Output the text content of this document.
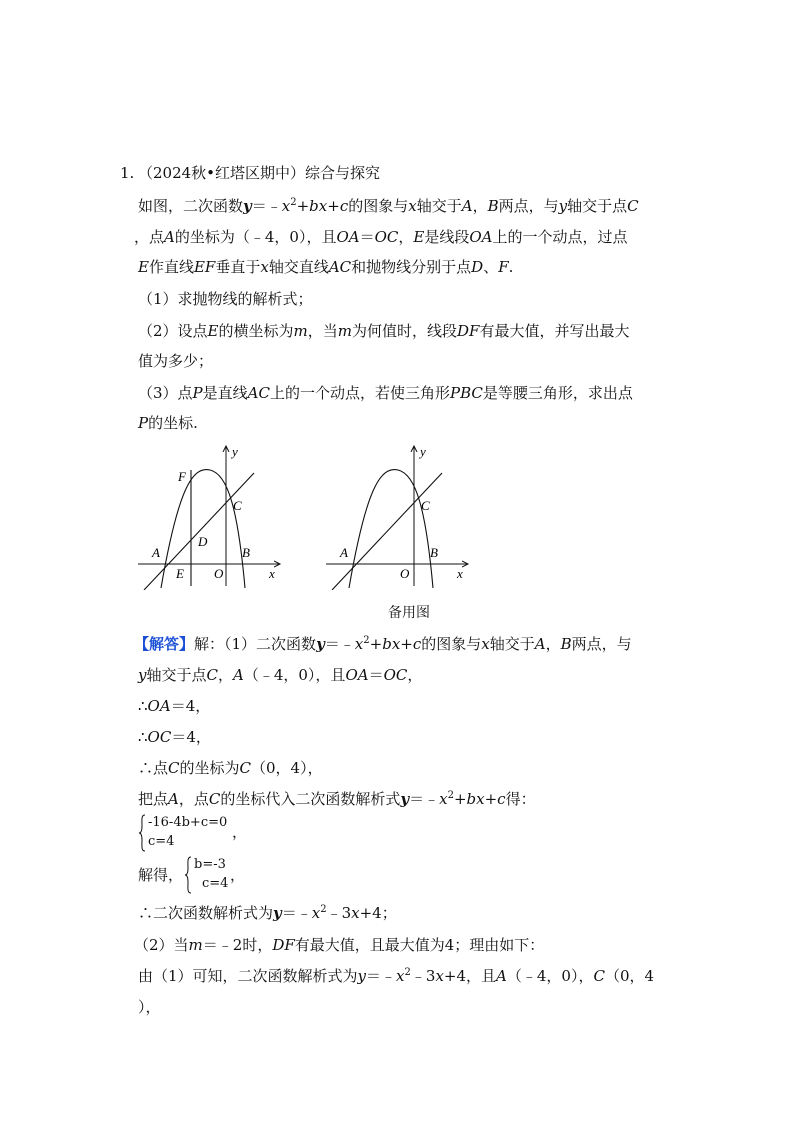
1. （2024秋•红塔区期中）综合与探究
如图，二次函数$y=﹣x^2+bx+c$的图象与x轴交于A，B两点，与y轴交于点C
，点A的坐标为（﹣4，0），且OA＝OC，E是线段OA上的一个动点，过点
E作直线EF垂直于x轴交直线AC和抛物线分别于点D、F.
（1）求抛物线的解析式；
（2）设点E的横坐标为m，当m为何值时，线段DF有最大值，并写出最大
值为多少；
（3）点P是直线AC上的一个动点，若使三角形PBC是等腰三角形，求出点
P的坐标.
F
y
C
D
A	B
E O	x
y
C
A	B
O	x
备用图
【解答】解：（1）二次函数$y=﹣x^2+bx+c$的图象与x轴交于A，B两点，与
y轴交于点C，A（﹣4，0），且OA＝OC，
∴OA＝4，
∴OC＝4，
∴点C的坐标为C（0，4），
把点A，点C的坐标代入二次函数解析式$y=﹣x^2+bx+c$得：
-16-4b+c=0
c=4
，
解得，
b=-3
c=4 ，
∴二次函数解析式为$y=﹣x^2﹣3x+4$；
（2）当m＝﹣2时，DF有最大值，且最大值为4；理由如下：
由（1）可知，二次函数解析式为$y=﹣x^2﹣3x+4$，且A（﹣4，0），C（0，4
），
